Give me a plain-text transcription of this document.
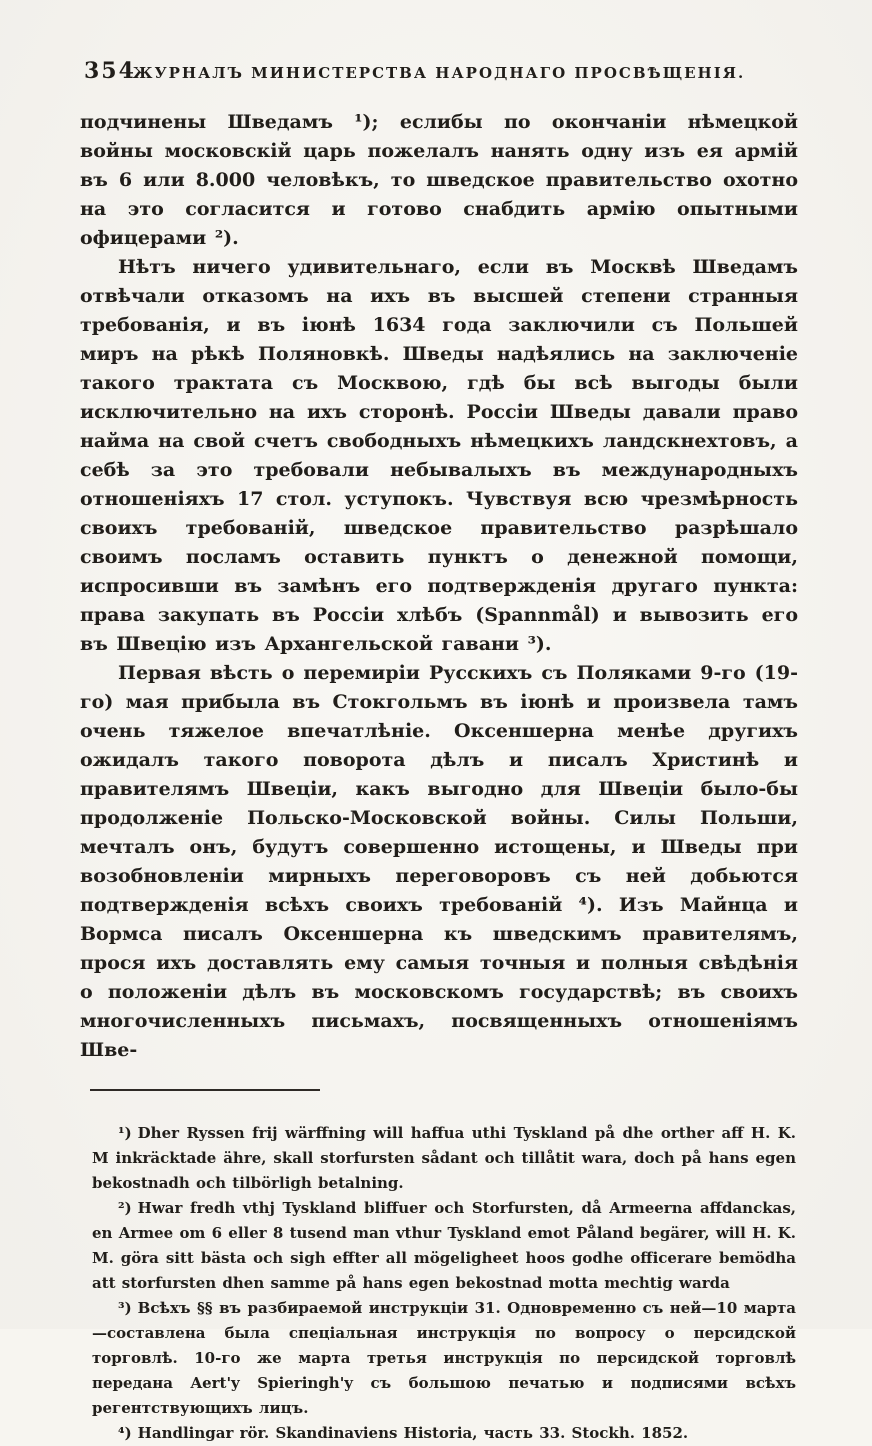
354
ЖУРНАЛЪ МИНИСТЕРСТВА НАРОДНАГО ПРОСВѢЩЕНІЯ.

подчинены Шведамъ ¹); еслибы по окончаніи нѣмецкой войны московскій царь пожелалъ нанять одну изъ ея армій въ 6 или 8.000 человѣкъ, то шведское правительство охотно на это согласится и готово снабдить армію опытными офицерами ²).

Нѣтъ ничего удивительнаго, если въ Москвѣ Шведамъ отвѣчали отказомъ на ихъ въ высшей степени странныя требованія, и въ іюнѣ 1634 года заключили съ Польшей миръ на рѣкѣ Поляновкѣ. Шведы надѣялись на заключеніе такого трактата съ Москвою, гдѣ бы всѣ выгоды были исключительно на ихъ сторонѣ. Россіи Шведы давали право найма на свой счетъ свободныхъ нѣмецкихъ ландскнехтовъ, а себѣ за это требовали небывалыхъ въ международныхъ отношеніяхъ 17 стол. уступокъ. Чувствуя всю чрезмѣрность своихъ требованій, шведское правительство разрѣшало своимъ посламъ оставить пунктъ о денежной помощи, испросивши въ замѣнъ его подтвержденія другаго пункта: права закупать въ Россіи хлѣбъ (Spannmål) и вывозить его въ Швецію изъ Архангельской гавани ³).

Первая вѣсть о перемиріи Русскихъ съ Поляками 9-го (19-го) мая прибыла въ Стокгольмъ въ іюнѣ и произвела тамъ очень тяжелое впечатлѣніе. Оксеншерна менѣе другихъ ожидалъ такого поворота дѣлъ и писалъ Христинѣ и правителямъ Швеціи, какъ выгодно для Швеціи было-бы продолженіе Польско-Московской войны. Силы Польши, мечталъ онъ, будутъ совершенно истощены, и Шведы при возобновленіи мирныхъ переговоровъ съ ней добьются подтвержденія всѣхъ своихъ требованій ⁴). Изъ Майнца и Вормса писалъ Оксеншерна къ шведскимъ правителямъ, прося ихъ доставлять ему самыя точныя и полныя свѣдѣнія о положеніи дѣлъ въ московскомъ государствѣ; въ своихъ многочисленныхъ письмахъ, посвященныхъ отношеніямъ Шве-

¹) Dher Ryssen frij wärffning will haffua uthi Tyskland på dhe orther aff H. K. M inkräcktade ähre, skall storfursten sådant och tillåtit wara, doch på hans egen bekostnadh och tilbörligh betalning.

²) Hwar fredh vthj Tyskland bliffuer och Storfursten, då Armeerna affdanckas, en Armee om 6 eller 8 tusend man vthur Tyskland emot Påland begärer, will H. K. M. göra sitt bästa och sigh effter all mögeligheet hoos godhe officerare bemödha att storfursten dhen samme på hans egen bekostnad motta mechtig warda

³) Всѣхъ §§ въ разбираемой инструкціи 31. Одновременно съ ней—10 марта—составлена была спеціальная инструкція по вопросу о персидской торговлѣ. 10-го же марта третья инструкція по персидской торговлѣ передана Aert'y Spieringh'y съ большою печатью и подписями всѣхъ регентствующихъ лицъ.

⁴) Handlingar rör. Skandinaviens Historia, часть 33. Stockh. 1852.
